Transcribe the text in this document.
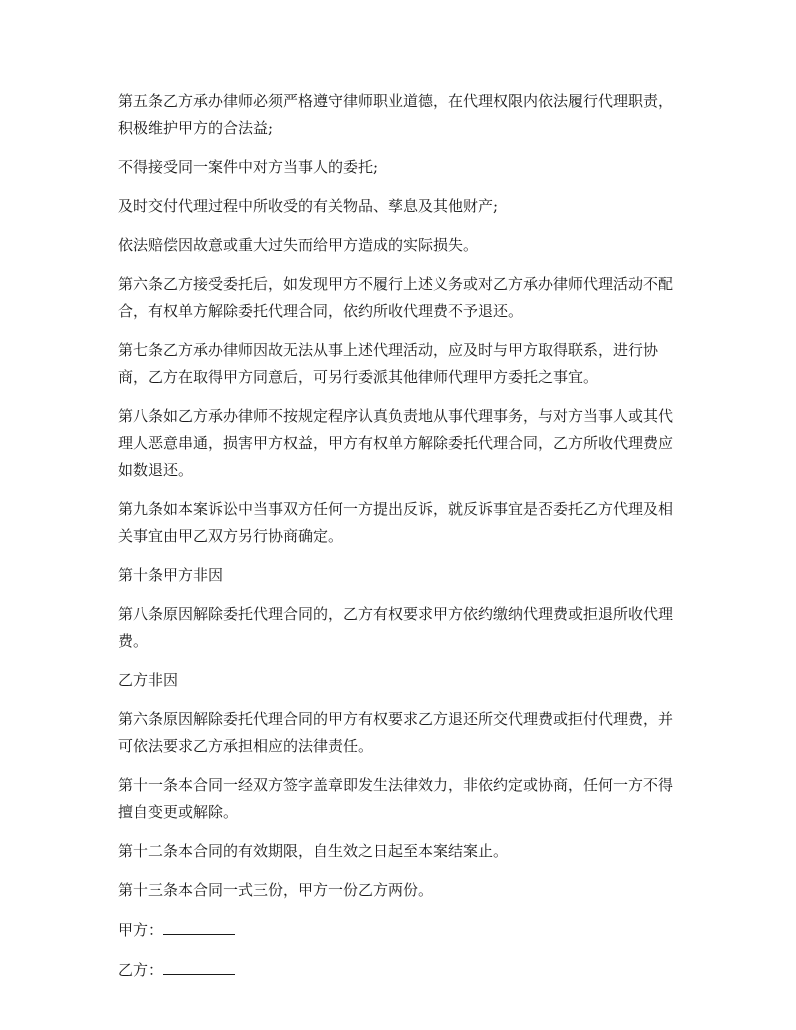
第五条乙方承办律师必须严格遵守律师职业道德，在代理权限内依法履行代理职责，积极维护甲方的合法益;

不得接受同一案件中对方当事人的委托;

及时交付代理过程中所收受的有关物品、孳息及其他财产;

依法赔偿因故意或重大过失而给甲方造成的实际损失。

第六条乙方接受委托后，如发现甲方不履行上述义务或对乙方承办律师代理活动不配合，有权单方解除委托代理合同，依约所收代理费不予退还。

第七条乙方承办律师因故无法从事上述代理活动，应及时与甲方取得联系，进行协商，乙方在取得甲方同意后，可另行委派其他律师代理甲方委托之事宜。

第八条如乙方承办律师不按规定程序认真负责地从事代理事务，与对方当事人或其代理人恶意串通，损害甲方权益，甲方有权单方解除委托代理合同，乙方所收代理费应如数退还。

第九条如本案诉讼中当事双方任何一方提出反诉，就反诉事宜是否委托乙方代理及相关事宜由甲乙双方另行协商确定。

第十条甲方非因

第八条原因解除委托代理合同的，乙方有权要求甲方依约缴纳代理费或拒退所收代理费。

乙方非因

第六条原因解除委托代理合同的甲方有权要求乙方退还所交代理费或拒付代理费，并可依法要求乙方承担相应的法律责任。

第十一条本合同一经双方签字盖章即发生法律效力，非依约定或协商，任何一方不得擅自变更或解除。

第十二条本合同的有效期限，自生效之日起至本案结案止。

第十三条本合同一式三份，甲方一份乙方两份。

甲方：

乙方：
